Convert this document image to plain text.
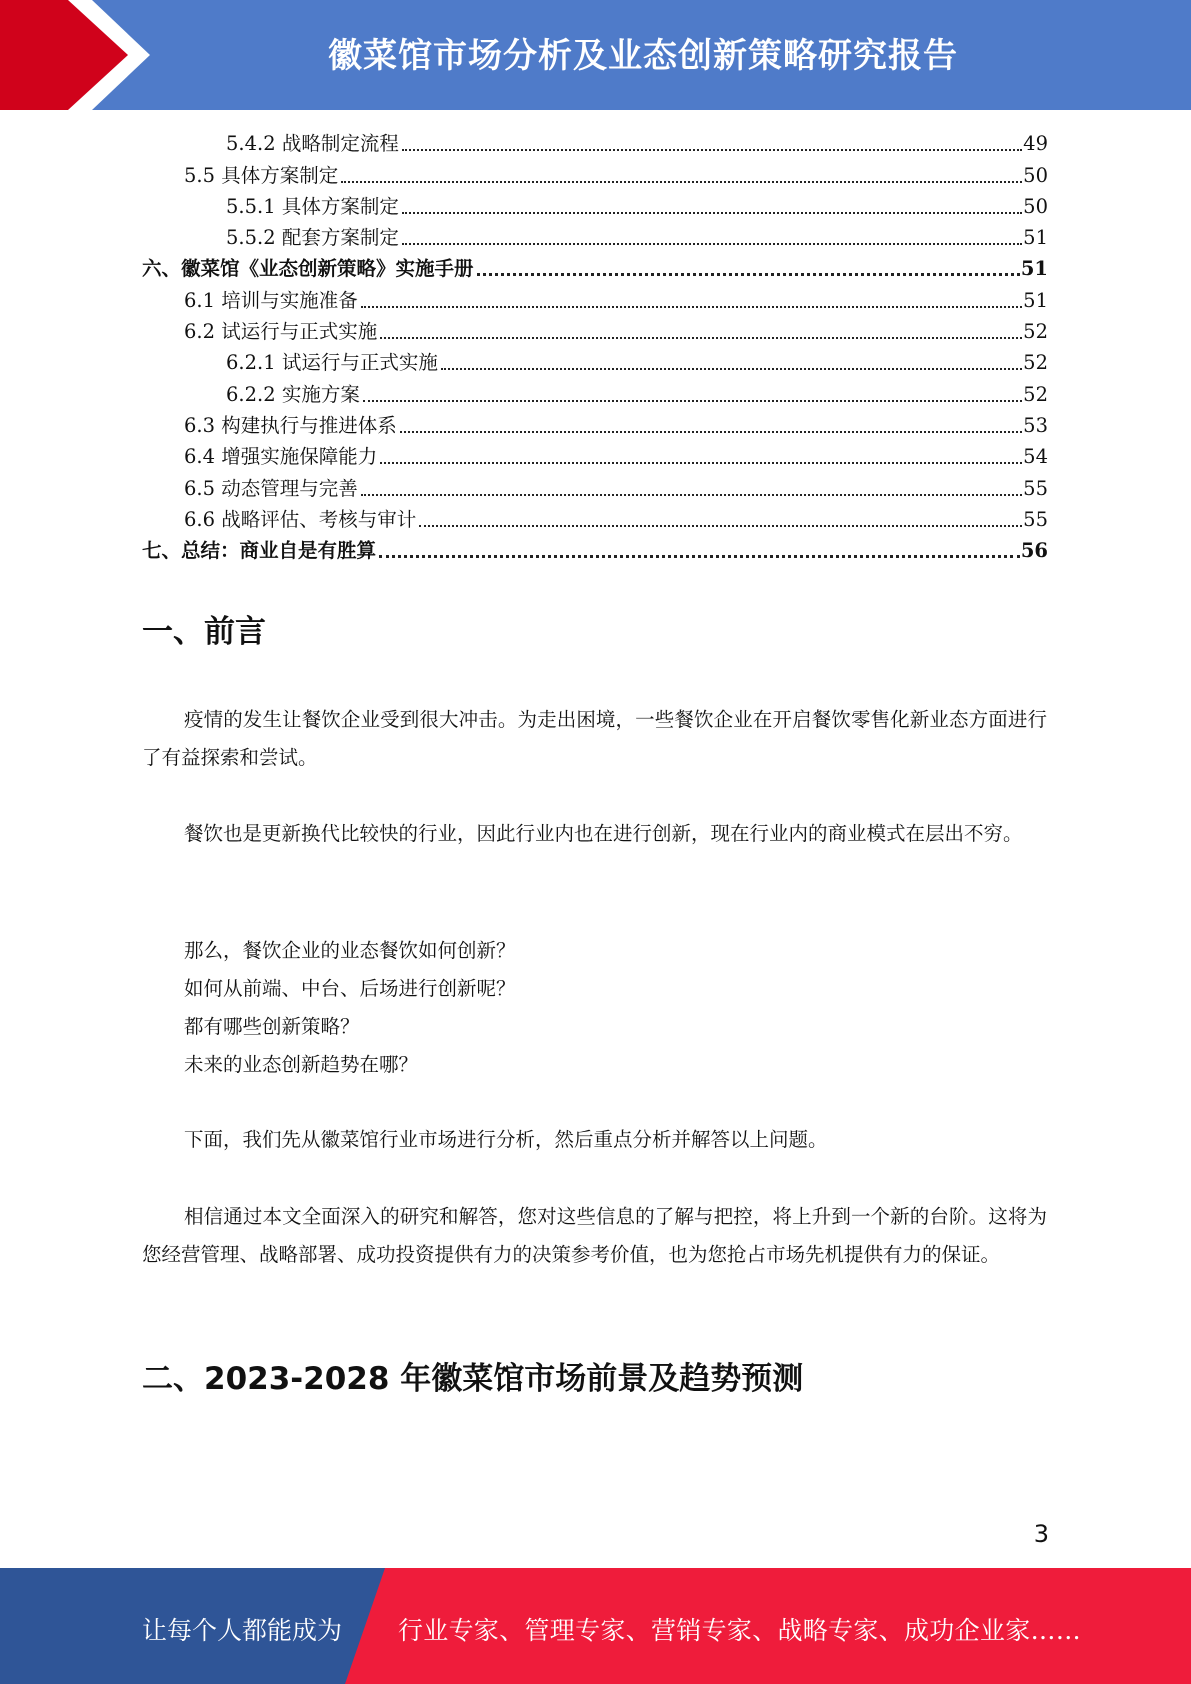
徽菜馆市场分析及业态创新策略研究报告
5.4.2 战略制定流程	49
5.5 具体方案制定	50
5.5.1 具体方案制定	50
5.5.2 配套方案制定	51
六、徽菜馆《业态创新策略》实施手册	51
6.1 培训与实施准备	51
6.2 试运行与正式实施	52
6.2.1 试运行与正式实施	52
6.2.2 实施方案	52
6.3 构建执行与推进体系	53
6.4 增强实施保障能力	54
6.5 动态管理与完善	55
6.6 战略评估、考核与审计	55
七、总结：商业自是有胜算	56
一、前言
疫情的发生让餐饮企业受到很大冲击。为走出困境，一些餐饮企业在开启餐饮零售化新业态方面进行了有益探索和尝试。
餐饮也是更新换代比较快的行业，因此行业内也在进行创新，现在行业内的商业模式在层出不穷。
那么，餐饮企业的业态餐饮如何创新？
如何从前端、中台、后场进行创新呢？
都有哪些创新策略？
未来的业态创新趋势在哪？
下面，我们先从徽菜馆行业市场进行分析，然后重点分析并解答以上问题。
相信通过本文全面深入的研究和解答，您对这些信息的了解与把控，将上升到一个新的台阶。这将为您经营管理、战略部署、成功投资提供有力的决策参考价值，也为您抢占市场先机提供有力的保证。
二、2023-2028 年徽菜馆市场前景及趋势预测
3
让每个人都能成为 行业专家、管理专家、营销专家、战略专家、成功企业家……
